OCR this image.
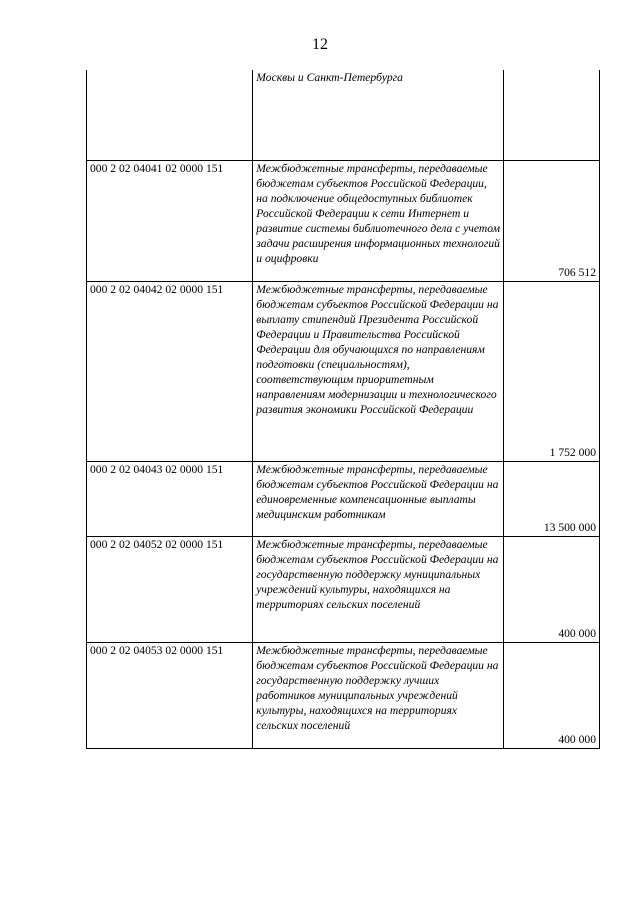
12
	Москвы и Санкт-Петербурга	
000 2 02 04041 02 0000 151	Межбюджетные трансферты, передаваемые бюджетам субъектов Российской Федерации, на подключение общедоступных библиотек Российской Федерации к сети Интернет и развитие системы библиотечного дела с учетом задачи расширения информационных технологий и оцифровки	706 512
000 2 02 04042 02 0000 151	Межбюджетные трансферты, передаваемые бюджетам субъектов Российской Федерации на выплату стипендий Президента Российской Федерации и Правительства Российской Федерации для обучающихся по направлениям подготовки (специальностям), соответствующим приоритетным направлениям модернизации и технологического развития экономики Российской Федерации	1 752 000
000 2 02 04043 02 0000 151	Межбюджетные трансферты, передаваемые бюджетам субъектов Российской Федерации на единовременные компенсационные выплаты медицинским работникам	13 500 000
000 2 02 04052 02 0000 151	Межбюджетные трансферты, передаваемые бюджетам субъектов Российской Федерации на государственную поддержку муниципальных учреждений культуры, находящихся на территориях сельских поселений	400 000
000 2 02 04053 02 0000 151	Межбюджетные трансферты, передаваемые бюджетам субъектов Российской Федерации на государственную поддержку лучших работников муниципальных учреждений культуры, находящихся на территориях сельских поселений	400 000
